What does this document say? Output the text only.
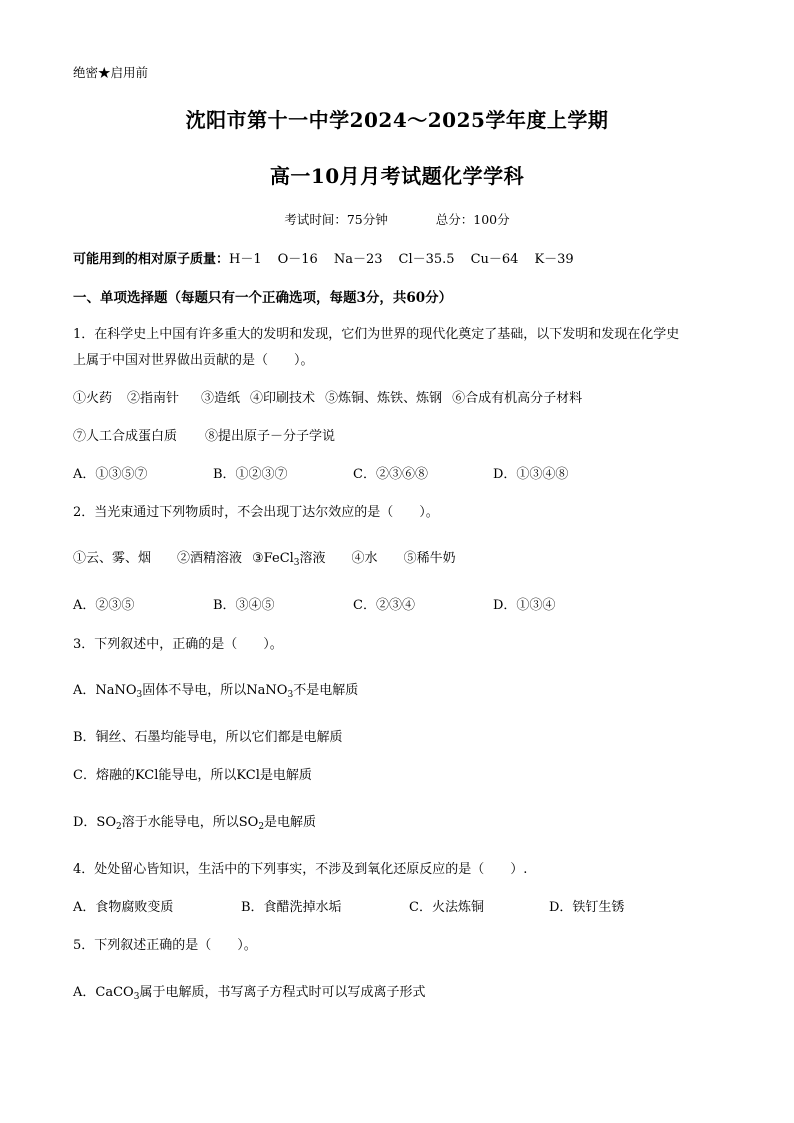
绝密★启用前
沈阳市第十一中学2024～2025学年度上学期
高一10月月考试题化学学科
考试时间：75分钟	总分：100分
可能用到的相对原子质量：H－1 O－16 Na－23 Cl－35.5 Cu－64 K－39
一、单项选择题（每题只有一个正确选项，每题3分，共60分）
1．在科学史上中国有许多重大的发明和发现，它们为世界的现代化奠定了基础，以下发明和发现在化学史
上属于中国对世界做出贡献的是（　　）。
①火药 ②指南针 ③造纸 ④印刷技术 ⑤炼铜、炼铁、炼钢 ⑥合成有机高分子材料
⑦人工合成蛋白质 ⑧提出原子－分子学说
A．①③⑤⑦	B．①②③⑦	C．②③⑥⑧	D．①③④⑧
2．当光束通过下列物质时，不会出现丁达尔效应的是（　　）。
①云、雾、烟 ②酒精溶液 ③FeCl$_3$溶液 ④水 ⑤稀牛奶
A．②③⑤	B．③④⑤	C．②③④	D．①③④
3．下列叙述中，正确的是（　　）。
A．NaNO$_3$固体不导电，所以NaNO$_3$不是电解质
B．铜丝、石墨均能导电，所以它们都是电解质
C．熔融的KCl能导电，所以KCl是电解质
D．$SO_2$溶于水能导电，所以$SO_2$是电解质
4．处处留心皆知识，生活中的下列事实，不涉及到氧化还原反应的是（　　）.
A．食物腐败变质	B．食醋洗掉水垢	C．火法炼铜	D．铁钉生锈
5．下列叙述正确的是（　　）。
A．CaCO$_3$属于电解质，书写离子方程式时可以写成离子形式
